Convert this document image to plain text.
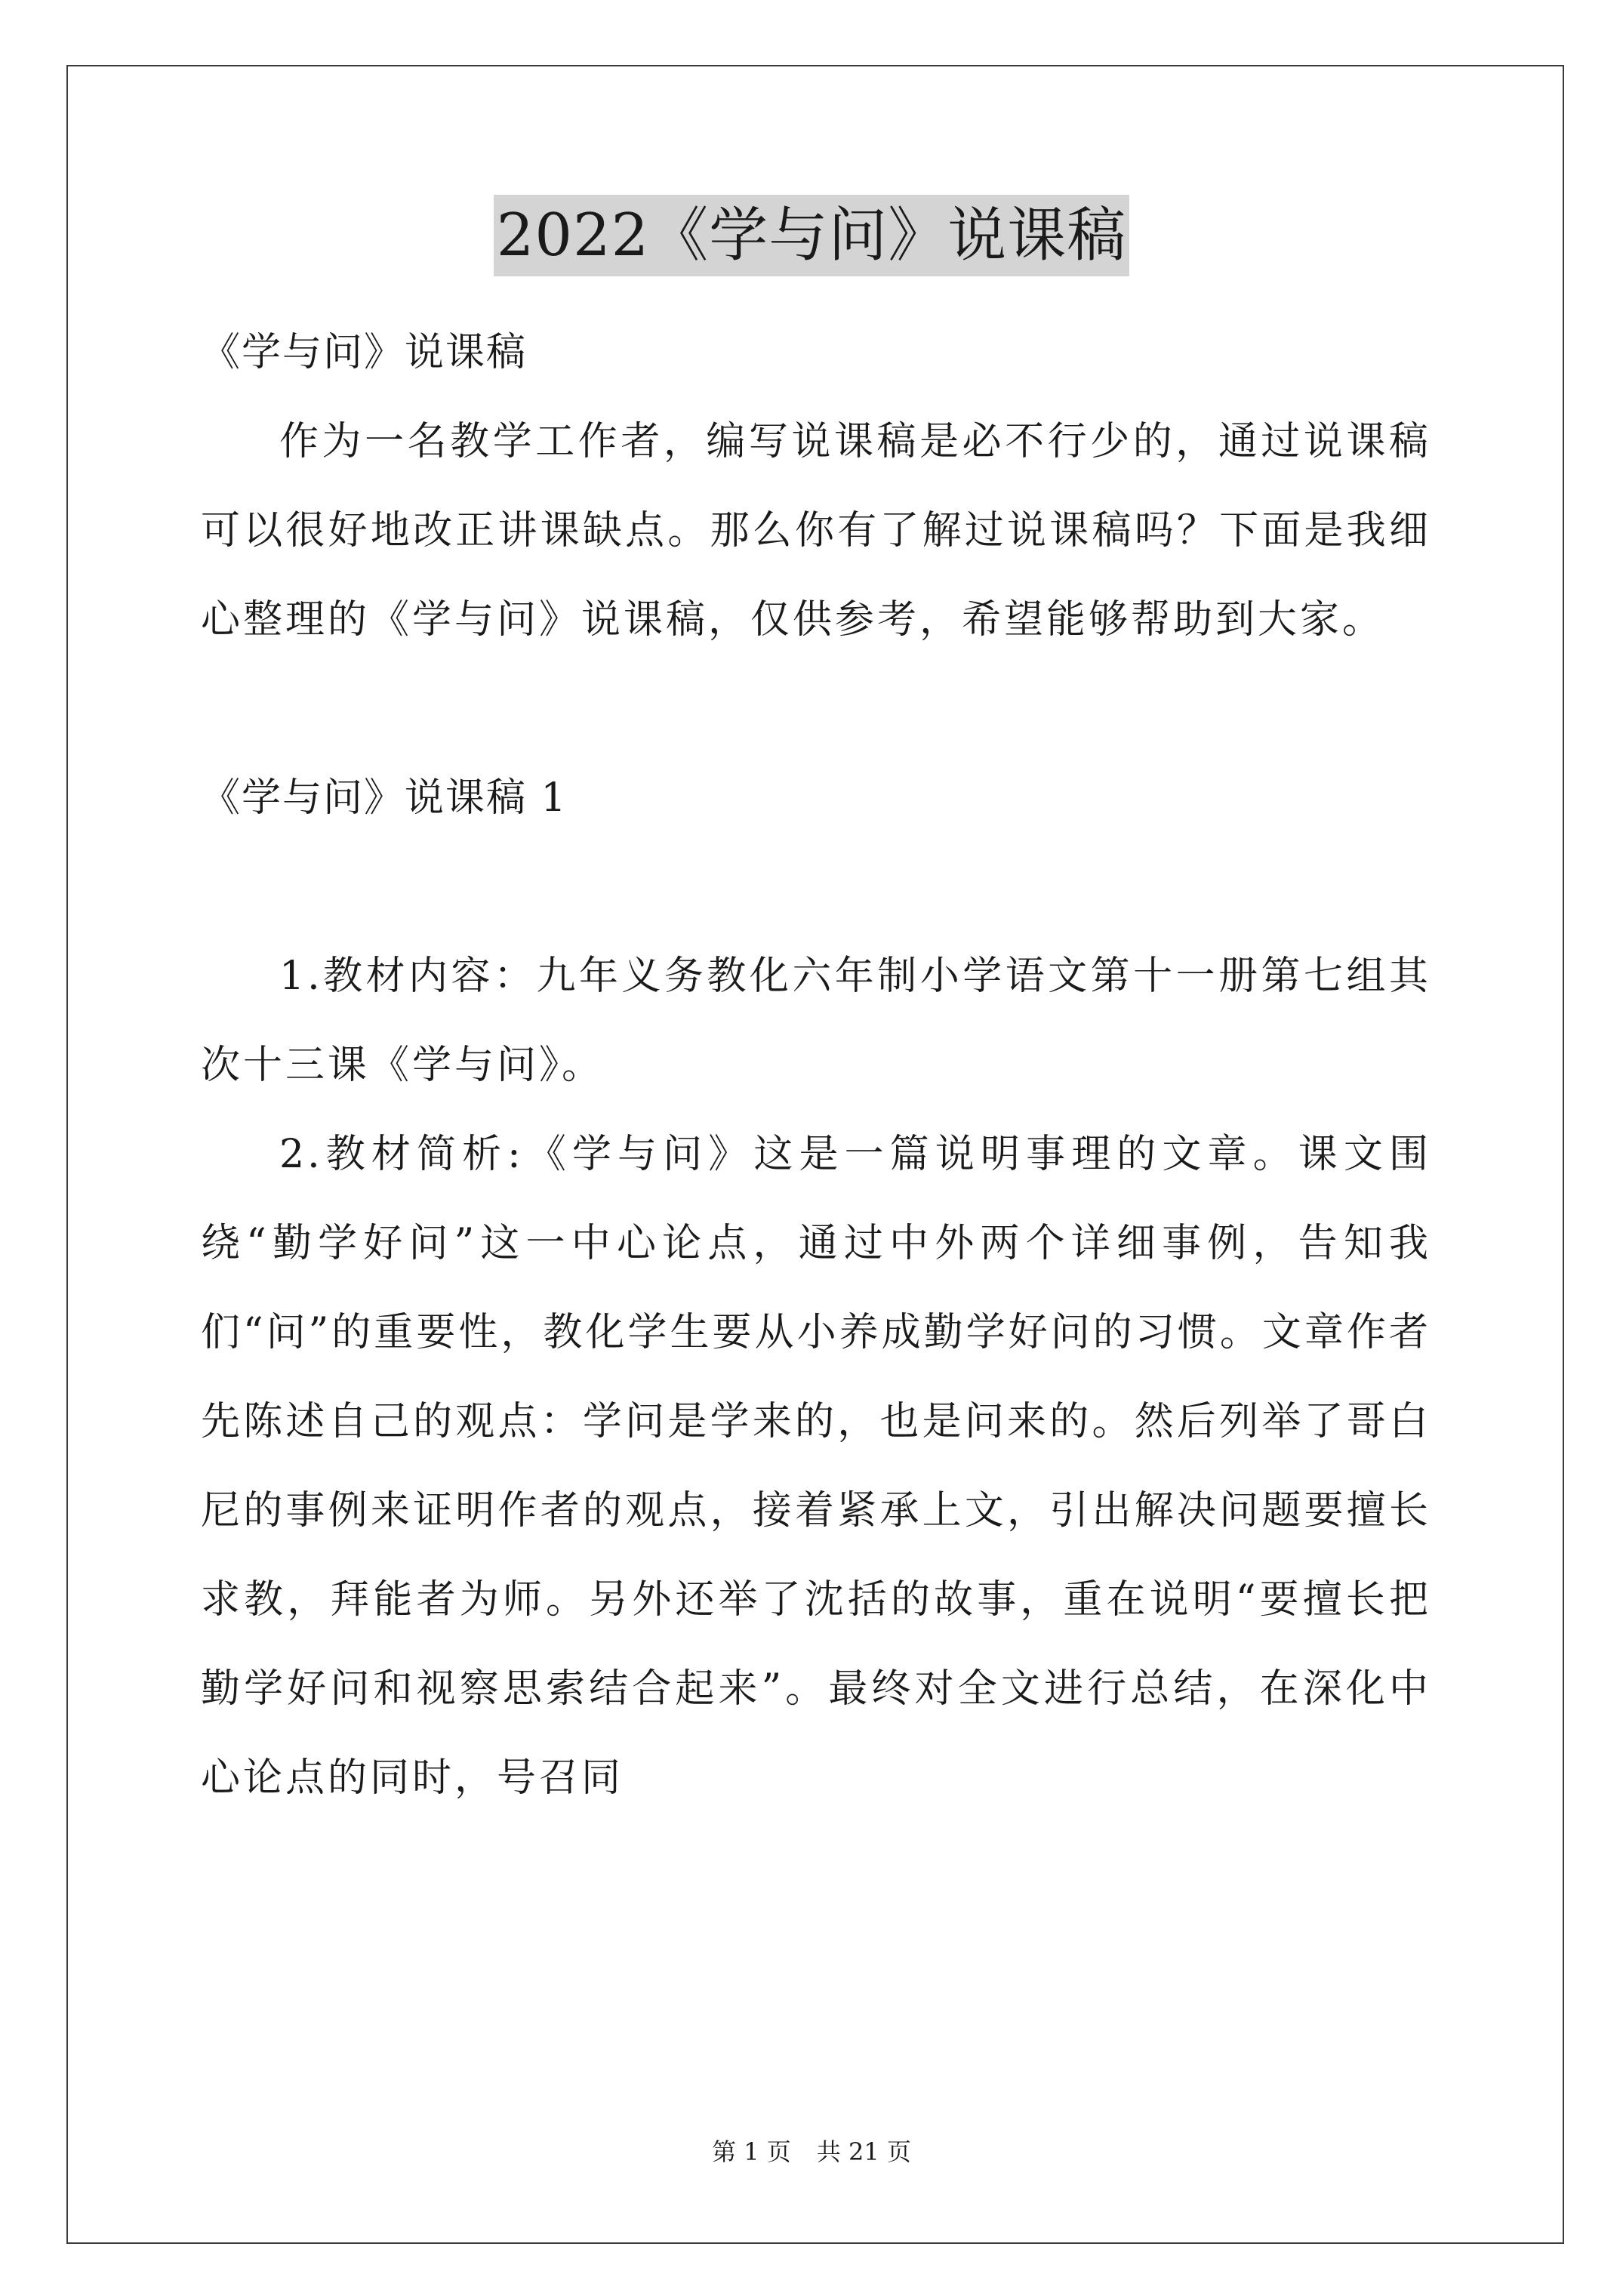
2022《学与问》说课稿

《学与问》说课稿

作为一名教学工作者，编写说课稿是必不行少的，通过说课稿可以很好地改正讲课缺点。那么你有了解过说课稿吗？下面是我细心整理的《学与问》说课稿，仅供参考，希望能够帮助到大家。

《学与问》说课稿 1

1.教材内容：九年义务教化六年制小学语文第十一册第七组其次十三课《学与问》。

2.教材简析:《学与问》这是一篇说明事理的文章。课文围绕“勤学好问”这一中心论点，通过中外两个详细事例，告知我们“问”的重要性，教化学生要从小养成勤学好问的习惯。文章作者先陈述自己的观点：学问是学来的，也是问来的。然后列举了哥白尼的事例来证明作者的观点，接着紧承上文，引出解决问题要擅长求教，拜能者为师。另外还举了沈括的故事，重在说明“要擅长把勤学好问和视察思索结合起来”。最终对全文进行总结，在深化中心论点的同时，号召同

第 1 页 共 21 页
